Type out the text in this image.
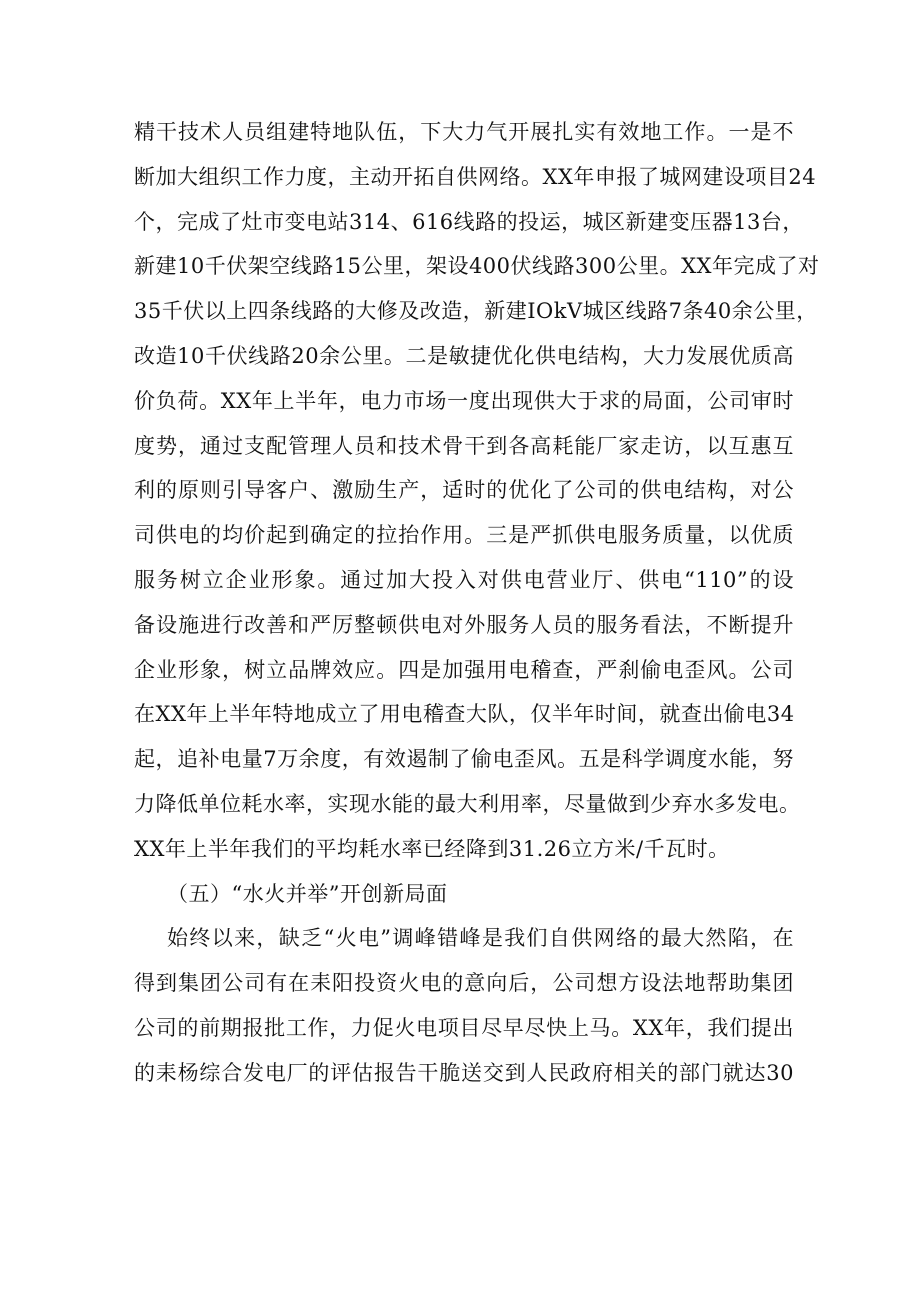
精干技术人员组建特地队伍，下大力气开展扎实有效地工作。一是不
断加大组织工作力度，主动开拓自供网络。XX年申报了城网建设项目24
个，完成了灶市变电站314、616线路的投运，城区新建变压器13台，
新建10千伏架空线路15公里，架设400伏线路300公里。XX年完成了对
35千伏以上四条线路的大修及改造，新建IOkV城区线路7条40余公里，
改造10千伏线路20余公里。二是敏捷优化供电结构，大力发展优质高
价负荷。XX年上半年，电力市场一度出现供大于求的局面，公司审时
度势，通过支配管理人员和技术骨干到各高耗能厂家走访，以互惠互
利的原则引导客户、激励生产，适时的优化了公司的供电结构，对公
司供电的均价起到确定的拉抬作用。三是严抓供电服务质量，以优质
服务树立企业形象。通过加大投入对供电营业厅、供电“110”的设
备设施进行改善和严厉整顿供电对外服务人员的服务看法，不断提升
企业形象，树立品牌效应。四是加强用电稽查，严刹偷电歪风。公司
在XX年上半年特地成立了用电稽查大队，仅半年时间，就查出偷电34
起，追补电量7万余度，有效遏制了偷电歪风。五是科学调度水能，努
力降低单位耗水率，实现水能的最大利用率，尽量做到少弃水多发电。
XX年上半年我们的平均耗水率已经降到31.26立方米/千瓦时。
（五）“水火并举”开创新局面
始终以来，缺乏“火电”调峰错峰是我们自供网络的最大然陷，在
得到集团公司有在耒阳投资火电的意向后，公司想方设法地帮助集团
公司的前期报批工作，力促火电项目尽早尽快上马。XX年，我们提出
的耒杨综合发电厂的评估报告干脆送交到人民政府相关的部门就达30
